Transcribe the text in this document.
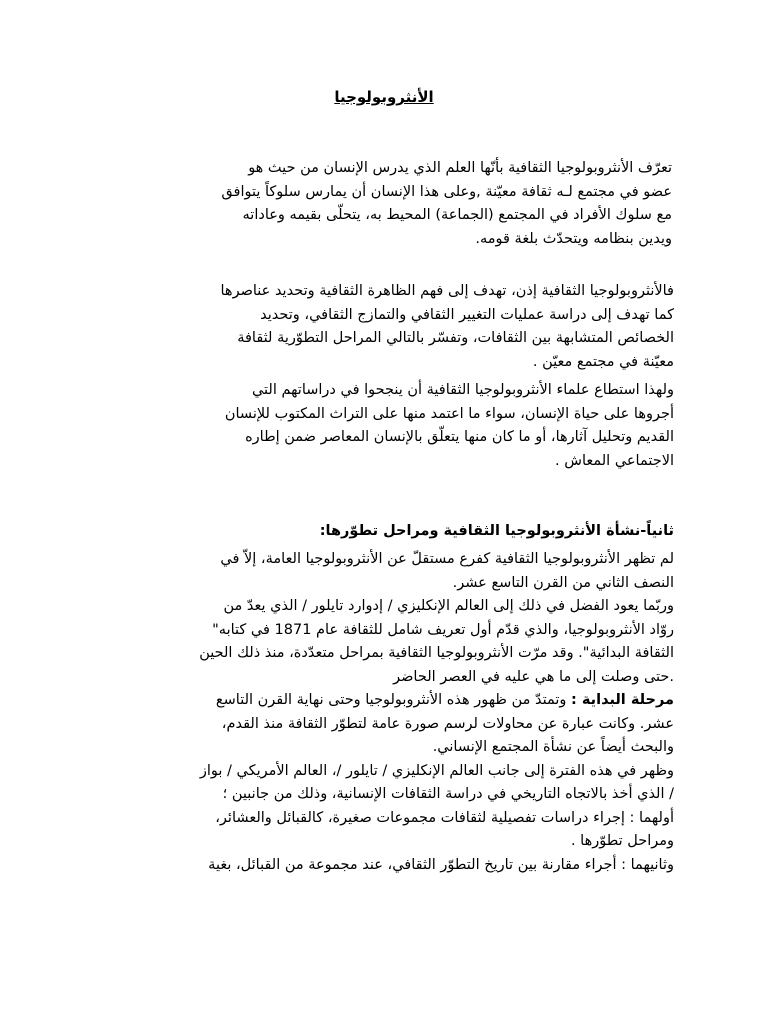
الأنثروبولوجيا
تعرّف الأنثروبولوجيا الثقافية بأنّها العلم الذي يدرس الإنسان من حيث هو
عضو في مجتمع لـه ثقافة معيّنة ,وعلى هذا الإنسان أن يمارس سلوكاً يتوافق
مع سلوك الأفراد في المجتمع (الجماعة) المحيط به، يتحلّى بقيمه وعاداته
ويدين بنظامه ويتحدّث بلغة قومه.
فالأنثروبولوجيا الثقافية إذن، تهدف إلى فهم الظاهرة الثقافية وتحديد عناصرها
كما تهدف إلى دراسة عمليات التغيير الثقافي والتمازج الثقافي، وتحديد
الخصائص المتشابهة بين الثقافات، وتفسّر بالتالي المراحل التطوّرية لثقافة
معيّنة في مجتمع معيّن .
ولهذا استطاع علماء الأنثروبولوجيا الثقافية أن ينجحوا في دراساتهم التي
أجروها على حياة الإنسان، سواء ما اعتمد منها على التراث المكتوب للإنسان
القديم وتحليل آثارها، أو ما كان منها يتعلّق بالإنسان المعاصر ضمن إطاره
الاجتماعي المعاش .
ثانياً-نشأة الأنثروبولوجيا الثقافية ومراحل تطوّرها:
لم تظهر الأنثروبولوجيا الثقافية كفرع مستقلّ عن الأنثروبولوجيا العامة، إلاّ في
النصف الثاني من القرن التاسع عشر.
وربّما يعود الفضل في ذلك إلى العالم الإنكليزي / إدوارد تايلور / الذي يعدّ من
روّاد الأنثروبولوجيا، والذي قدّم أول تعريف شامل للثقافة عام 1871 في كتابه"
الثقافة البدائية". وقد مرّت الأنثروبولوجيا الثقافية بمراحل متعدّدة، منذ ذلك الحين
.حتى وصلت إلى ما هي عليه في العصر الحاضر
مرحلة البداية : وتمتدّ من ظهور هذه الأنثروبولوجيا وحتى نهاية القرن التاسع
عشر. وكانت عبارة عن محاولات لرسم صورة عامة لتطوّر الثقافة منذ القدم،
والبحث أيضاً عن نشأة المجتمع الإنساني.
وظهر في هذه الفترة إلى جانب العالم الإنكليزي / تايلور /، العالم الأمريكي / بواز
/ الذي أخذ بالاتجاه التاريخي في دراسة الثقافات الإنسانية، وذلك من جانبين ؛
أولهما : إجراء دراسات تفصيلية لثقافات مجموعات صغيرة، كالقبائل والعشائر،
ومراحل تطوّرها .
وثانيهما : أجراء مقارنة بين تاريخ التطوّر الثقافي، عند مجموعة من القبائل، بغية
